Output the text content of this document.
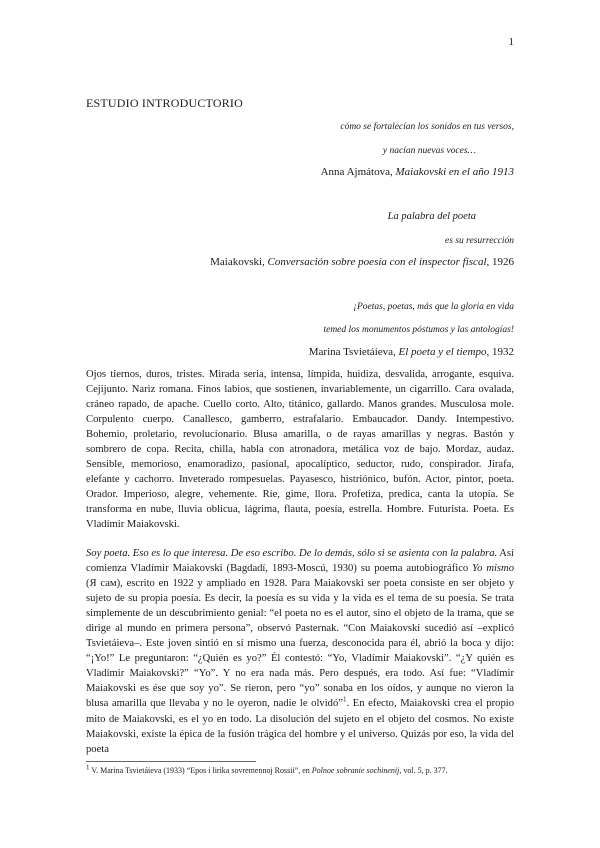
1
ESTUDIO INTRODUCTORIO
cómo se fortalecían los sonidos en tus versos,
y nacían nuevas voces…
Anna Ajmátova, Maiakovski en el año 1913
La palabra del poeta
es su resurrección
Maiakovski, Conversación sobre poesía con el inspector fiscal, 1926
¡Poetas, poetas, más que la gloria en vida
temed los monumentos póstumos y las antologías!
Marina Tsvietáieva, El poeta y el tiempo, 1932
Ojos tiernos, duros, tristes. Mirada seria, intensa, límpida, huidiza, desvalida, arrogante, esquiva. Cejijunto. Nariz romana. Finos labios, que sostienen, invariablemente, un cigarrillo. Cara ovalada, cráneo rapado, de apache. Cuello corto. Alto, titánico, gallardo. Manos grandes. Musculosa mole. Corpulento cuerpo. Canallesco, gamberro, estrafalario. Embaucador. Dandy. Intempestivo. Bohemio, proletario, revolucionario. Blusa amarilla, o de rayas amarillas y negras. Bastón y sombrero de copa. Recita, chilla, habla con atronadora, metálica voz de bajo. Mordaz, audaz. Sensible, memorioso, enamoradizo, pasional, apocalíptico, seductor, rudo, conspirador. Jirafa, elefante y cachorro. Inveterado rompesuelas. Payasesco, histriónico, bufón. Actor, pintor, poeta. Orador. Imperioso, alegre, vehemente. Ríe, gime, llora. Profetiza, predica, canta la utopía. Se transforma en nube, lluvia oblicua, lágrima, flauta, poesía, estrella. Hombre. Futurista. Poeta. Es Vladímir Maiakovski.
Soy poeta. Eso es lo que interesa. De eso escribo. De lo demás, sólo si se asienta con la palabra. Así comienza Vladímir Maiakovski (Bagdadí, 1893-Moscú, 1930) su poema autobiográfico Yo mismo (Я сам), escrito en 1922 y ampliado en 1928. Para Maiakovski ser poeta consiste en ser objeto y sujeto de su propia poesía. Es decir, la poesía es su vida y la vida es el tema de su poesía. Se trata simplemente de un descubrimiento genial: “el poeta no es el autor, sino el objeto de la trama, que se dirige al mundo en primera persona”, observó Pasternak. “Con Maiakovski sucedió así –explicó Tsvietáieva–. Este joven sintió en sí mismo una fuerza, desconocida para él, abrió la boca y dijo: “¡Yo!” Le preguntaron: “¿Quién es yo?” Él contestó: “Yo, Vladímir Maiakovski”. “¿Y quién es Vladímir Maiakovski?” “Yo”. Y no era nada más. Pero después, era todo. Así fue: “Vladímir Maiakovski es ése que soy yo”. Se rieron, pero “yo” sonaba en los oídos, y aunque no vieron la blusa amarilla que llevaba y no le oyeron, nadie le olvidó”$^1$. En efecto, Maiakovski crea el propio mito de Maiakovski, es el yo en todo. La disolución del sujeto en el objeto del cosmos. No existe Maiakovski, existe la épica de la fusión trágica del hombre y el universo. Quizás por eso, la vida del poeta
$^1$ V. Marina Tsvietáieva (1933) “Epos i lirika sovremennoj Rossii”, en Polnoe sobranie sochinenij, vol. 5, p. 377.
